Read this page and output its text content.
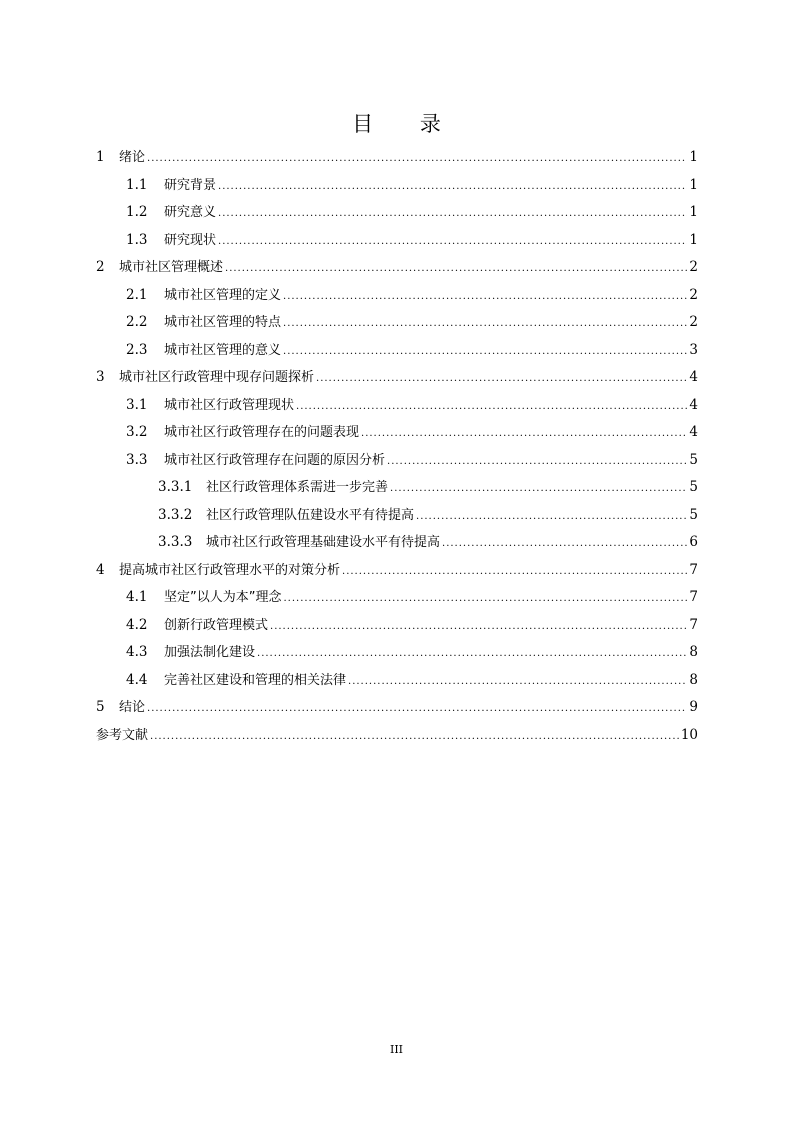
目 录
1	绪论 .....	1
1.1	研究背景 .....	1
1.2	研究意义 .....	1
1.3	研究现状 .....	1
2	城市社区管理概述 .....	2
2.1	城市社区管理的定义 .....	2
2.2	城市社区管理的特点 .....	2
2.3	城市社区管理的意义 .....	3
3	城市社区行政管理中现存问题探析 .....	4
3.1	城市社区行政管理现状 .....	4
3.2	城市社区行政管理存在的问题表现 .....	4
3.3	城市社区行政管理存在问题的原因分析 .....	5
3.3.1	社区行政管理体系需进一步完善 .....	5
3.3.2	社区行政管理队伍建设水平有待提高 .....	5
3.3.3	城市社区行政管理基础建设水平有待提高 .....	6
4	提高城市社区行政管理水平的对策分析 .....	7
4.1	坚定”以人为本”理念 .....	7
4.2	创新行政管理模式 .....	7
4.3	加强法制化建设 .....	8
4.4	完善社区建设和管理的相关法律 .....	8
5	结论 .....	9
参考文献 .....	10
III
